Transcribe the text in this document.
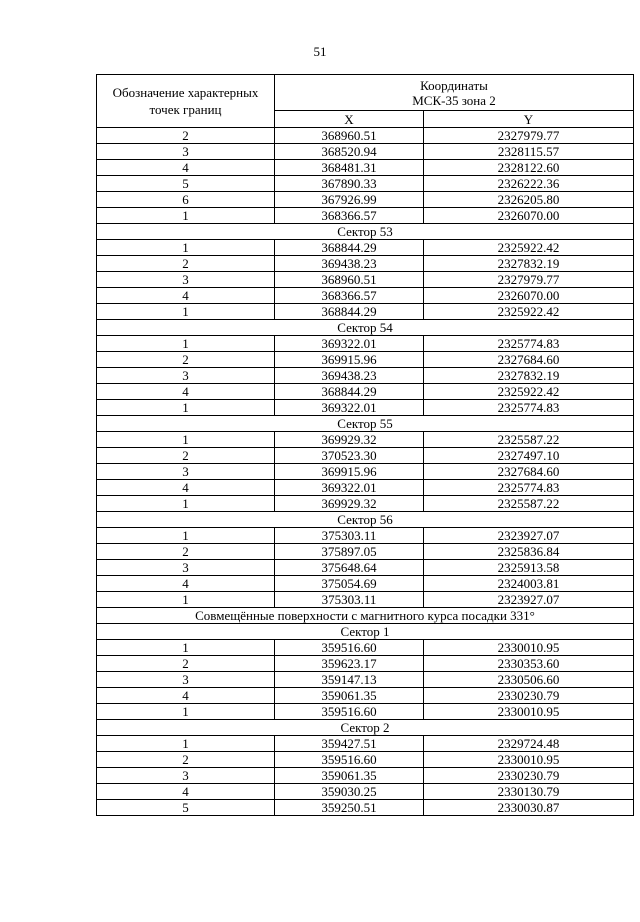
51
Обозначение характерных точек границ	Координаты
МСК-35 зона 2	

	X	Y
2	368960.51	2327979.77
3	368520.94	2328115.57
4	368481.31	2328122.60
5	367890.33	2326222.36
6	367926.99	2326205.80
1	368366.57	2326070.00
Сектор 53		
1	368844.29	2325922.42
2	369438.23	2327832.19
3	368960.51	2327979.77
4	368366.57	2326070.00
1	368844.29	2325922.42
Сектор 54		
1	369322.01	2325774.83
2	369915.96	2327684.60
3	369438.23	2327832.19
4	368844.29	2325922.42
1	369322.01	2325774.83
Сектор 55		
1	369929.32	2325587.22
2	370523.30	2327497.10
3	369915.96	2327684.60
4	369322.01	2325774.83
1	369929.32	2325587.22
Сектор 56		
1	375303.11	2323927.07
2	375897.05	2325836.84
3	375648.64	2325913.58
4	375054.69	2324003.81
1	375303.11	2323927.07
Совмещённые поверхности с магнитного курса посадки 331°		
Сектор 1		
1	359516.60	2330010.95
2	359623.17	2330353.60
3	359147.13	2330506.60
4	359061.35	2330230.79
1	359516.60	2330010.95
Сектор 2		
1	359427.51	2329724.48
2	359516.60	2330010.95
3	359061.35	2330230.79
4	359030.25	2330130.79
5	359250.51	2330030.87
